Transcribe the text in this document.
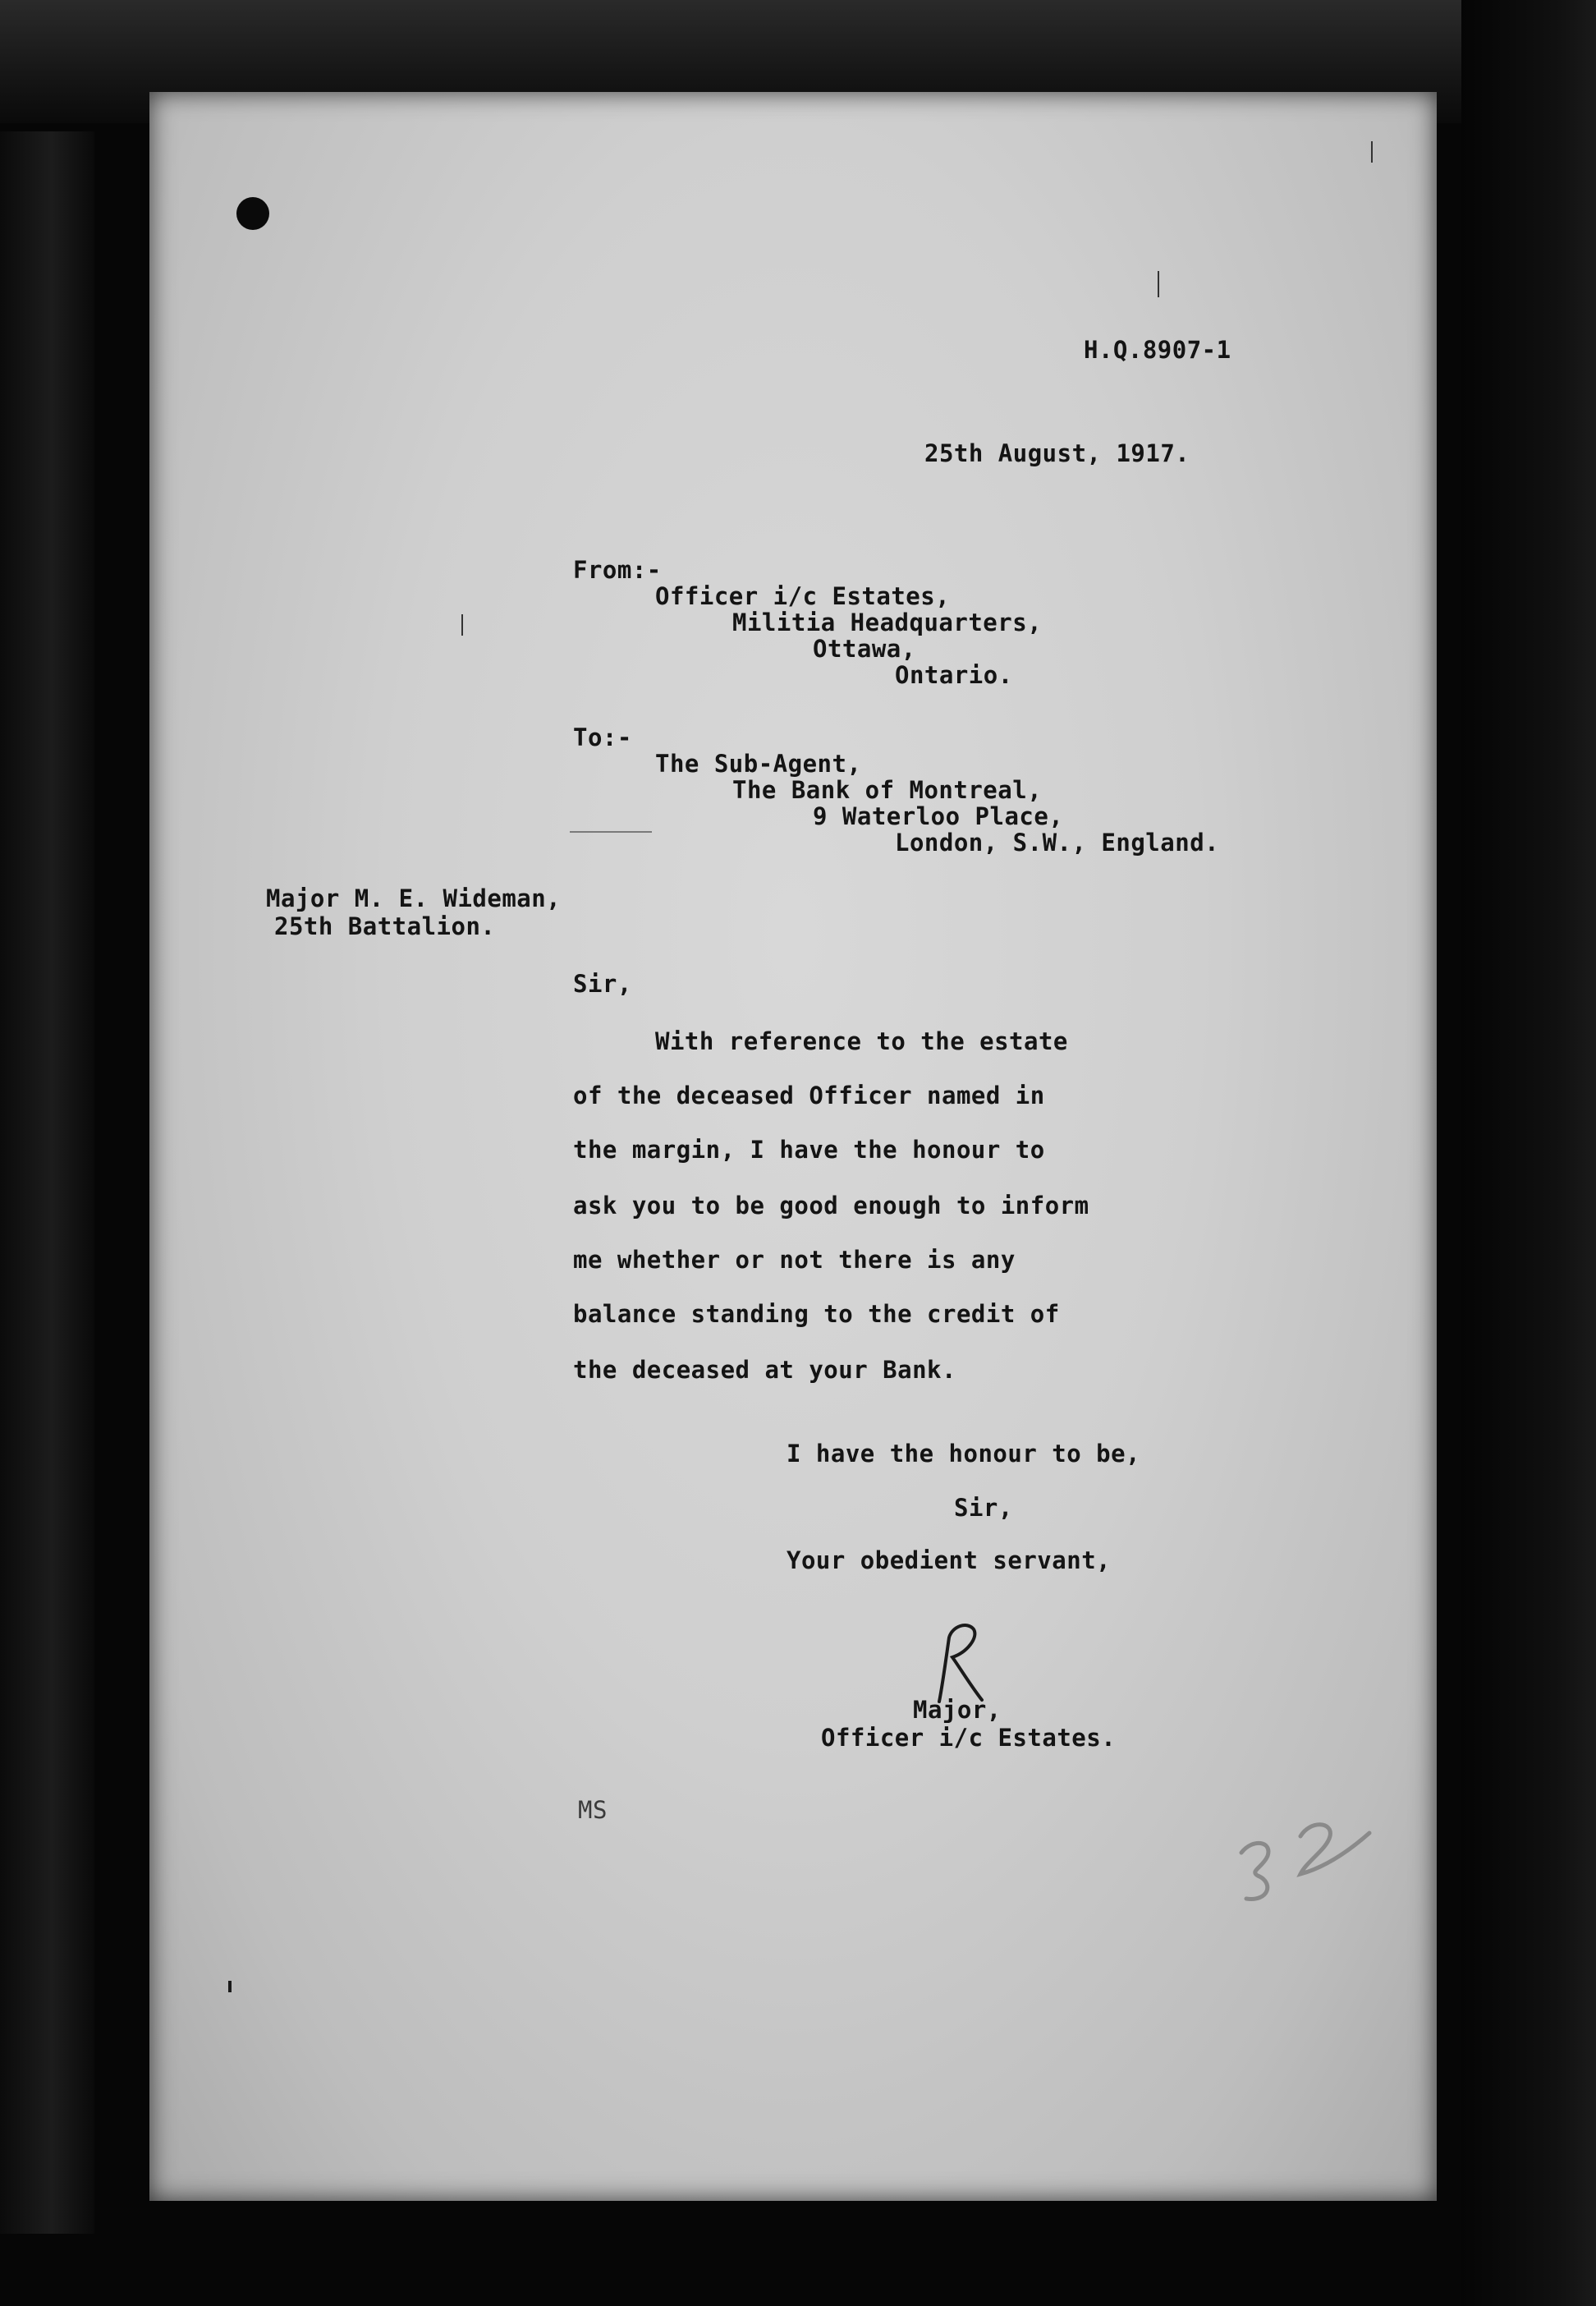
H.Q.8907-1
25th August, 1917.
From:-
Officer i/c Estates,
Militia Headquarters,
Ottawa,
Ontario.
To:-
The Sub-Agent,
The Bank of Montreal,
9 Waterloo Place,
London, S.W., England.
Major M. E. Wideman,
25th Battalion.
Sir,
With reference to the estate
of the deceased Officer named in
the margin, I have the honour to
ask you to be good enough to inform
me whether or not there is any
balance standing to the credit of
the deceased at your Bank.
I have the honour to be,
Sir,
Your obedient servant,
Major,
Officer i/c Estates.
MS
